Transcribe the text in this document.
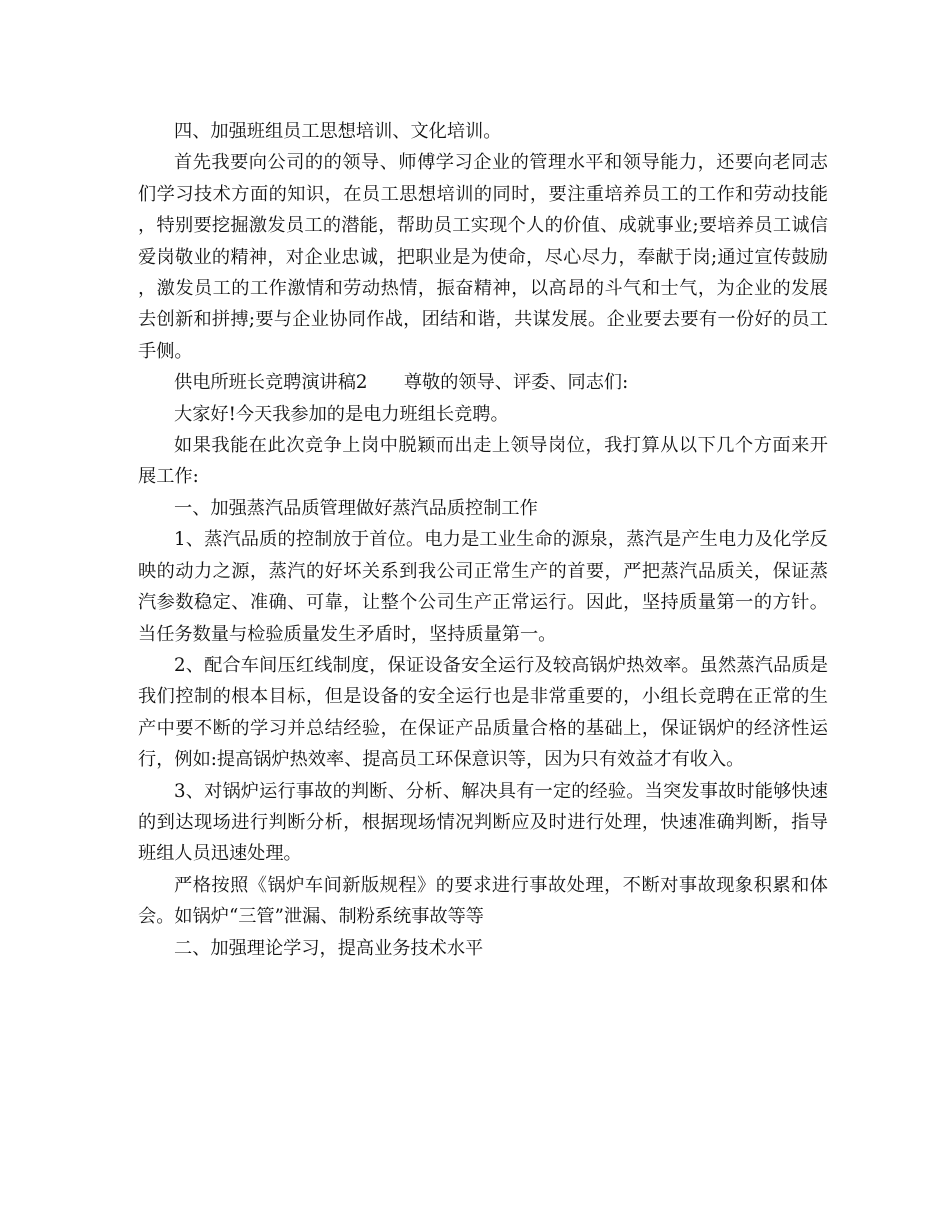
四、加强班组员工思想培训、文化培训。

首先我要向公司的的领导、师傅学习企业的管理水平和领导能力，还要向老同志们学习技术方面的知识，在员工思想培训的同时，要注重培养员工的工作和劳动技能，特别要挖掘激发员工的潜能，帮助员工实现个人的价值、成就事业;要培养员工诚信爱岗敬业的精神，对企业忠诚，把职业是为使命，尽心尽力，奉献于岗;通过宣传鼓励，激发员工的工作激情和劳动热情，振奋精神，以高昂的斗气和士气，为企业的发展去创新和拼搏;要与企业协同作战，团结和谐，共谋发展。企业要去要有一份好的员工手侧。

供电所班长竞聘演讲稿2　　尊敬的领导、评委、同志们:

大家好!今天我参加的是电力班组长竞聘。

如果我能在此次竞争上岗中脱颖而出走上领导岗位，我打算从以下几个方面来开展工作:

一、加强蒸汽品质管理做好蒸汽品质控制工作

1、蒸汽品质的控制放于首位。电力是工业生命的源泉，蒸汽是产生电力及化学反映的动力之源，蒸汽的好坏关系到我公司正常生产的首要，严把蒸汽品质关，保证蒸汽参数稳定、准确、可靠，让整个公司生产正常运行。因此，坚持质量第一的方针。当任务数量与检验质量发生矛盾时，坚持质量第一。

2、配合车间压红线制度，保证设备安全运行及较高锅炉热效率。虽然蒸汽品质是我们控制的根本目标，但是设备的安全运行也是非常重要的，小组长竞聘在正常的生产中要不断的学习并总结经验，在保证产品质量合格的基础上，保证锅炉的经济性运行，例如:提高锅炉热效率、提高员工环保意识等，因为只有效益才有收入。

3、对锅炉运行事故的判断、分析、解决具有一定的经验。当突发事故时能够快速的到达现场进行判断分析，根据现场情况判断应及时进行处理，快速准确判断，指导班组人员迅速处理。

严格按照《锅炉车间新版规程》的要求进行事故处理，不断对事故现象积累和体会。如锅炉“三管”泄漏、制粉系统事故等等

二、加强理论学习，提高业务技术水平
